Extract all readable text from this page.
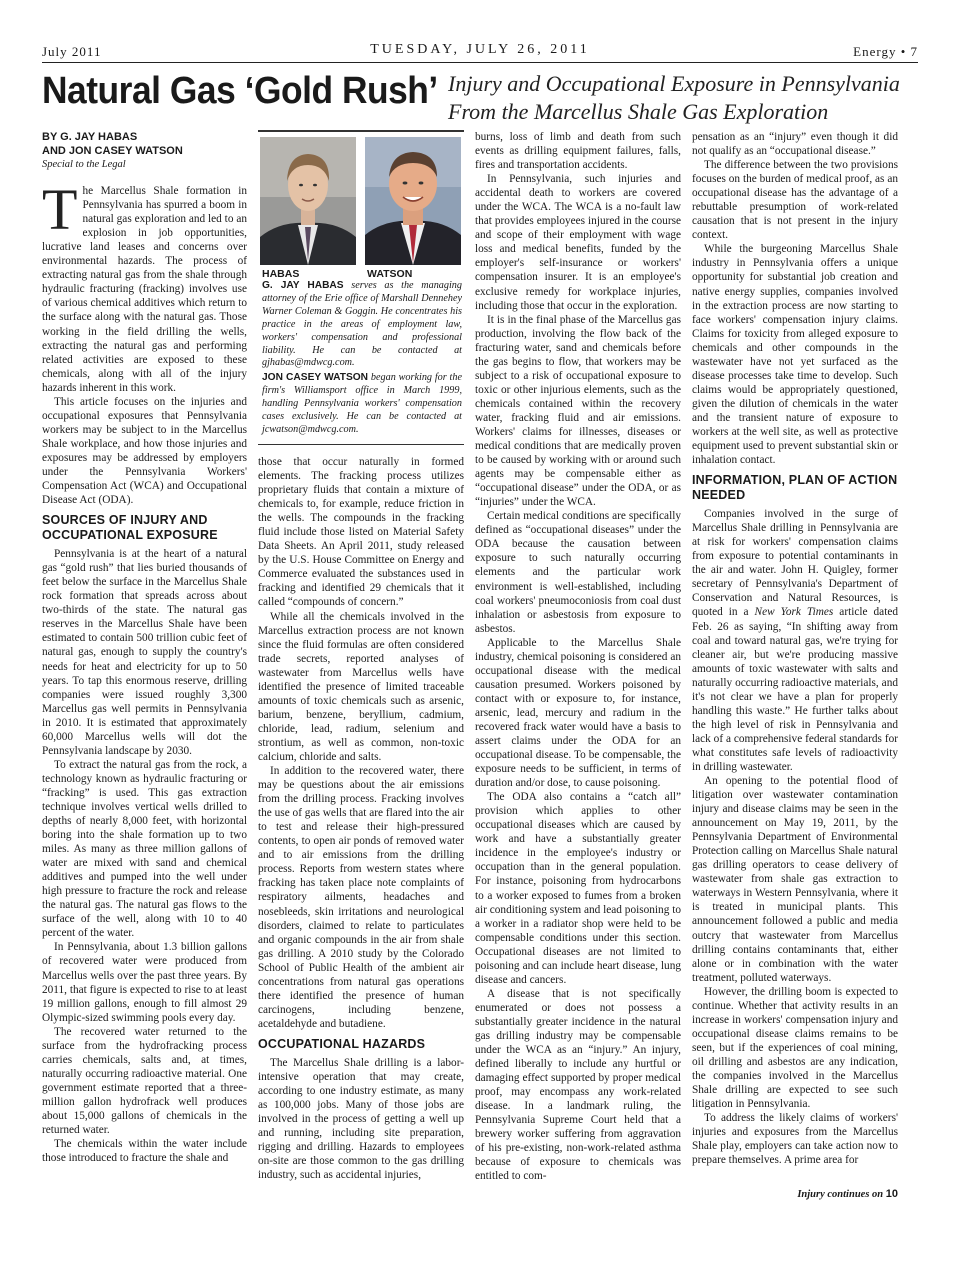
July 2011	TUESDAY, JULY 26, 2011	Energy • 7
Natural Gas ‘Gold Rush’ Injury and Occupational Exposure in Pennsylvania
From the Marcellus Shale Gas Exploration
BY G. JAY HABAS
AND JON CASEY WATSON
Special to the Legal

The Marcellus Shale formation in Pennsylvania has spurred a boom in natural gas exploration and led to an explosion in job opportunities, lucrative land leases and concerns over environmental hazards. The process of extracting natural gas from the shale through hydraulic fracturing (fracking) involves use of various chemical additives which return to the surface along with the natural gas. Those working in the field drilling the wells, extracting the natural gas and performing related activities are exposed to these chemicals, along with all of the injury hazards inherent in this work.

This article focuses on the injuries and occupational exposures that Pennsylvania workers may be subject to in the Marcellus Shale workplace, and how those injuries and exposures may be addressed by employers under the Pennsylvania Workers' Compensation Act (WCA) and Occupational Disease Act (ODA).

SOURCES OF INJURY AND OCCUPATIONAL EXPOSURE

Pennsylvania is at the heart of a natural gas “gold rush” that lies buried thousands of feet below the surface in the Marcellus Shale rock formation that spreads across about two-thirds of the state. The natural gas reserves in the Marcellus Shale have been estimated to contain 500 trillion cubic feet of natural gas, enough to supply the country's needs for heat and electricity for up to 50 years. To tap this enormous reserve, drilling companies were issued roughly 3,300 Marcellus gas well permits in Pennsylvania in 2010. It is estimated that approximately 60,000 Marcellus wells will dot the Pennsylvania landscape by 2030.

To extract the natural gas from the rock, a technology known as hydraulic fracturing or “fracking” is used. This gas extraction technique involves vertical wells drilled to depths of nearly 8,000 feet, with horizontal boring into the shale formation up to two miles. As many as three million gallons of water are mixed with sand and chemical additives and pumped into the well under high pressure to fracture the rock and release the natural gas. The natural gas flows to the surface of the well, along with 10 to 40 percent of the water.

In Pennsylvania, about 1.3 billion gallons of recovered water were produced from Marcellus wells over the past three years. By 2011, that figure is expected to rise to at least 19 million gallons, enough to fill almost 29 Olympic-sized swimming pools every day.

The recovered water returned to the surface from the hydrofracking process carries chemicals, salts and, at times, naturally occurring radioactive material. One government estimate reported that a three-million gallon hydrofrack well produces about 15,000 gallons of chemicals in the returned water.

The chemicals within the water include those introduced to fracture the shale and

HABAS	WATSON

G. JAY HABAS serves as the managing attorney of the Erie office of Marshall Dennehey Warner Coleman & Goggin. He concentrates his practice in the areas of employment law, workers' compensation and professional liability. He can be contacted at gjhabas@mdwcg.com.

JON CASEY WATSON began working for the firm's Williamsport office in March 1999, handling Pennsylvania workers' compensation cases exclusively. He can be contacted at jcwatson@mdwcg.com.

those that occur naturally in formed elements. The fracking process utilizes proprietary fluids that contain a mixture of chemicals to, for example, reduce friction in the wells. The compounds in the fracking fluid include those listed on Material Safety Data Sheets. An April 2011, study released by the U.S. House Committee on Energy and Commerce evaluated the substances used in fracking and identified 29 chemicals that it called “compounds of concern.”

While all the chemicals involved in the Marcellus extraction process are not known since the fluid formulas are often considered trade secrets, reported analyses of wastewater from Marcellus wells have identified the presence of limited traceable amounts of toxic chemicals such as arsenic, barium, benzene, beryllium, cadmium, chloride, lead, radium, selenium and strontium, as well as common, non-toxic calcium, chloride and salts.

In addition to the recovered water, there may be questions about the air emissions from the drilling process. Fracking involves the use of gas wells that are flared into the air to test and release their high-pressured contents, to open air ponds of removed water and to air emissions from the drilling process. Reports from western states where fracking has taken place note complaints of respiratory ailments, headaches and nosebleeds, skin irritations and neurological disorders, claimed to relate to particulates and organic compounds in the air from shale gas drilling. A 2010 study by the Colorado School of Public Health of the ambient air concentrations from natural gas operations there identified the presence of human carcinogens, including benzene, acetaldehyde and butadiene.

OCCUPATIONAL HAZARDS

The Marcellus Shale drilling is a labor-intensive operation that may create, according to one industry estimate, as many as 100,000 jobs. Many of those jobs are involved in the process of getting a well up and running, including site preparation, rigging and drilling. Hazards to employees on-site are those common to the gas drilling industry, such as accidental injuries,

burns, loss of limb and death from such events as drilling equipment failures, falls, fires and transportation accidents.

In Pennsylvania, such injuries and accidental death to workers are covered under the WCA. The WCA is a no-fault law that provides employees injured in the course and scope of their employment with wage loss and medical benefits, funded by the employer's self-insurance or workers' compensation insurer. It is an employee's exclusive remedy for workplace injuries, including those that occur in the exploration.

It is in the final phase of the Marcellus gas production, involving the flow back of the fracturing water, sand and chemicals before the gas begins to flow, that workers may be subject to a risk of occupational exposure to toxic or other injurious elements, such as the chemicals contained within the recovery water, fracking fluid and air emissions. Workers' claims for illnesses, diseases or medical conditions that are medically proven to be caused by working with or around such agents may be compensable either as “occupational disease” under the ODA, or as “injuries” under the WCA.

Certain medical conditions are specifically defined as “occupational diseases” under the ODA because the causation between exposure to such naturally occurring elements and the particular work environment is well-established, including coal workers' pneumoconiosis from coal dust inhalation or asbestosis from exposure to asbestos.

Applicable to the Marcellus Shale industry, chemical poisoning is considered an occupational disease with the medical causation presumed. Workers poisoned by contact with or exposure to, for instance, arsenic, lead, mercury and radium in the recovered frack water would have a basis to assert claims under the ODA for an occupational disease. To be compensable, the exposure needs to be sufficient, in terms of duration and/or dose, to cause poisoning.

The ODA also contains a “catch all” provision which applies to other occupational diseases which are caused by work and have a substantially greater incidence in the employee's industry or occupation than in the general population. For instance, poisoning from hydrocarbons to a worker exposed to fumes from a broken air conditioning system and lead poisoning to a worker in a radiator shop were held to be compensable conditions under this section. Occupational diseases are not limited to poisoning and can include heart disease, lung disease and cancers.

A disease that is not specifically enumerated or does not possess a substantially greater incidence in the natural gas drilling industry may be compensable under the WCA as an “injury.” An injury, defined liberally to include any hurtful or damaging effect supported by proper medical proof, may encompass any work-related disease. In a landmark ruling, the Pennsylvania Supreme Court held that a brewery worker suffering from aggravation of his pre-existing, non-work-related asthma because of exposure to chemicals was entitled to com-

pensation as an “injury” even though it did not qualify as an “occupational disease.”

The difference between the two provisions focuses on the burden of medical proof, as an occupational disease has the advantage of a rebuttable presumption of work-related causation that is not present in the injury context.

While the burgeoning Marcellus Shale industry in Pennsylvania offers a unique opportunity for substantial job creation and native energy supplies, companies involved in the extraction process are now starting to face workers' compensation injury claims. Claims for toxicity from alleged exposure to chemicals and other compounds in the wastewater have not yet surfaced as the disease processes take time to develop. Such claims would be appropriately questioned, given the dilution of chemicals in the water and the transient nature of exposure to workers at the well site, as well as protective equipment used to prevent substantial skin or inhalation contact.

INFORMATION, PLAN OF ACTION NEEDED

Companies involved in the surge of Marcellus Shale drilling in Pennsylvania are at risk for workers' compensation claims from exposure to potential contaminants in the air and water. John H. Quigley, former secretary of Pennsylvania's Department of Conservation and Natural Resources, is quoted in a New York Times article dated Feb. 26 as saying, “In shifting away from coal and toward natural gas, we're trying for cleaner air, but we're producing massive amounts of toxic wastewater with salts and naturally occurring radioactive materials, and it's not clear we have a plan for properly handling this waste.” He further talks about the high level of risk in Pennsylvania and lack of a comprehensive federal standards for what constitutes safe levels of radioactivity in drilling wastewater.

An opening to the potential flood of litigation over wastewater contamination injury and disease claims may be seen in the announcement on May 19, 2011, by the Pennsylvania Department of Environmental Protection calling on Marcellus Shale natural gas drilling operators to cease delivery of wastewater from shale gas extraction to waterways in Western Pennsylvania, where it is treated in municipal plants. This announcement followed a public and media outcry that wastewater from Marcellus drilling contains contaminants that, either alone or in combination with the water treatment, polluted waterways.

However, the drilling boom is expected to continue. Whether that activity results in an increase in workers' compensation injury and occupational disease claims remains to be seen, but if the experiences of coal mining, oil drilling and asbestos are any indication, the companies involved in the Marcellus Shale drilling are expected to see such litigation in Pennsylvania.

To address the likely claims of workers' injuries and exposures from the Marcellus Shale play, employers can take action now to prepare themselves. A prime area for

Injury continues on 10
